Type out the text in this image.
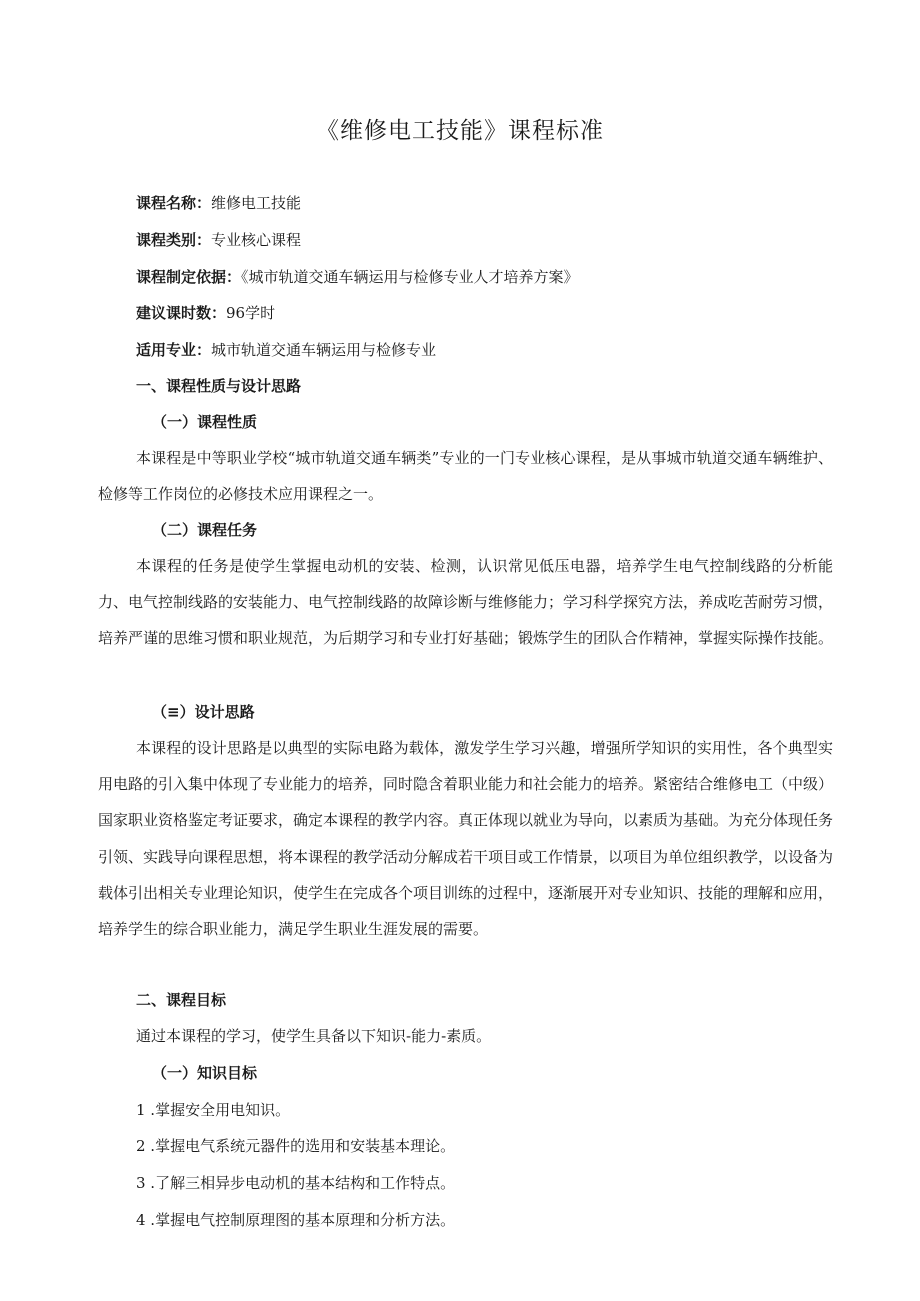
《维修电工技能》课程标准
课程名称：维修电工技能
课程类别：专业核心课程
课程制定依据：《城市轨道交通车辆运用与检修专业人才培养方案》
建议课时数：96学时
适用专业：城市轨道交通车辆运用与检修专业
一、课程性质与设计思路
（一）课程性质

本课程是中等职业学校“城市轨道交通车辆类”专业的一门专业核心课程，是从事城市轨道交通车辆维护、检修等工作岗位的必修技术应用课程之一。

（二）课程任务

本课程的任务是使学生掌握电动机的安装、检测，认识常见低压电器，培养学生电气控制线路的分析能力、电气控制线路的安装能力、电气控制线路的故障诊断与维修能力；学习科学探究方法，养成吃苦耐劳习惯，培养严谨的思维习惯和职业规范，为后期学习和专业打好基础；锻炼学生的团队合作精神，掌握实际操作技能。

（≡）设计思路

本课程的设计思路是以典型的实际电路为载体，激发学生学习兴趣，增强所学知识的实用性，各个典型实用电路的引入集中体现了专业能力的培养，同时隐含着职业能力和社会能力的培养。紧密结合维修电工（中级）国家职业资格鉴定考证要求，确定本课程的教学内容。真正体现以就业为导向，以素质为基础。为充分体现任务引领、实践导向课程思想，将本课程的教学活动分解成若干项目或工作情景，以项目为单位组织教学，以设备为载体引出相关专业理论知识，使学生在完成各个项目训练的过程中，逐渐展开对专业知识、技能的理解和应用，培养学生的综合职业能力，满足学生职业生涯发展的需要。

二、课程目标
通过本课程的学习，使学生具备以下知识-能力-素质。
（一）知识目标
1 .掌握安全用电知识。
2 .掌握电气系统元器件的选用和安装基本理论。
3 .了解三相异步电动机的基本结构和工作特点。
4 .掌握电气控制原理图的基本原理和分析方法。
